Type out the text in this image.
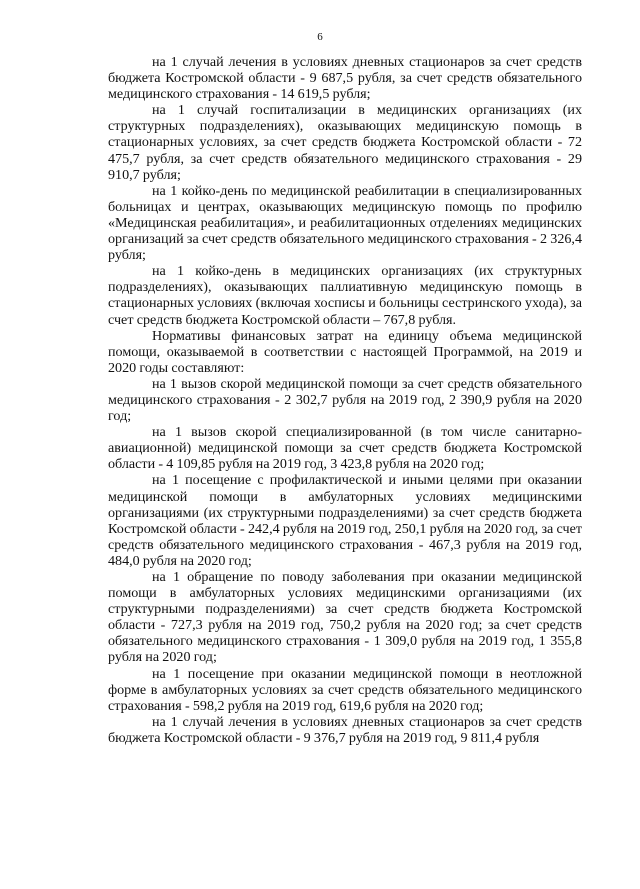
6

на 1 случай лечения в условиях дневных стационаров за счет средств бюджета Костромской области - 9 687,5 рубля, за счет средств обязательного медицинского страхования - 14 619,5 рубля;

на 1 случай госпитализации в медицинских организациях (их структурных подразделениях), оказывающих медицинскую помощь в стационарных условиях, за счет средств бюджета Костромской области - 72 475,7 рубля, за счет средств обязательного медицинского страхования - 29 910,7 рубля;

на 1 койко-день по медицинской реабилитации в специализированных больницах и центрах, оказывающих медицинскую помощь по профилю «Медицинская реабилитация», и реабилитационных отделениях медицинских организаций за счет средств обязательного медицинского страхования - 2 326,4 рубля;

на 1 койко-день в медицинских организациях (их структурных подразделениях), оказывающих паллиативную медицинскую помощь в стационарных условиях (включая хосписы и больницы сестринского ухода), за счет средств бюджета Костромской области – 767,8 рубля.

Нормативы финансовых затрат на единицу объема медицинской помощи, оказываемой в соответствии с настоящей Программой, на 2019 и 2020 годы составляют:

на 1 вызов скорой медицинской помощи за счет средств обязательного медицинского страхования - 2 302,7 рубля на 2019 год, 2 390,9 рубля на 2020 год;

на 1 вызов скорой специализированной (в том числе санитарно-авиационной) медицинской помощи за счет средств бюджета Костромской области - 4 109,85 рубля на 2019 год, 3 423,8 рубля на 2020 год;

на 1 посещение с профилактической и иными целями при оказании медицинской помощи в амбулаторных условиях медицинскими организациями (их структурными подразделениями) за счет средств бюджета Костромской области - 242,4 рубля на 2019 год, 250,1 рубля на 2020 год, за счет средств обязательного медицинского страхования - 467,3 рубля на 2019 год, 484,0 рубля на 2020 год;

на 1 обращение по поводу заболевания при оказании медицинской помощи в амбулаторных условиях медицинскими организациями (их структурными подразделениями) за счет средств бюджета Костромской области - 727,3 рубля на 2019 год, 750,2 рубля на 2020 год; за счет средств обязательного медицинского страхования - 1 309,0 рубля на 2019 год, 1 355,8 рубля на 2020 год;

на 1 посещение при оказании медицинской помощи в неотложной форме в амбулаторных условиях за счет средств обязательного медицинского страхования - 598,2 рубля на 2019 год, 619,6 рубля на 2020 год;

на 1 случай лечения в условиях дневных стационаров за счет средств бюджета Костромской области - 9 376,7 рубля на 2019 год, 9 811,4 рубля
